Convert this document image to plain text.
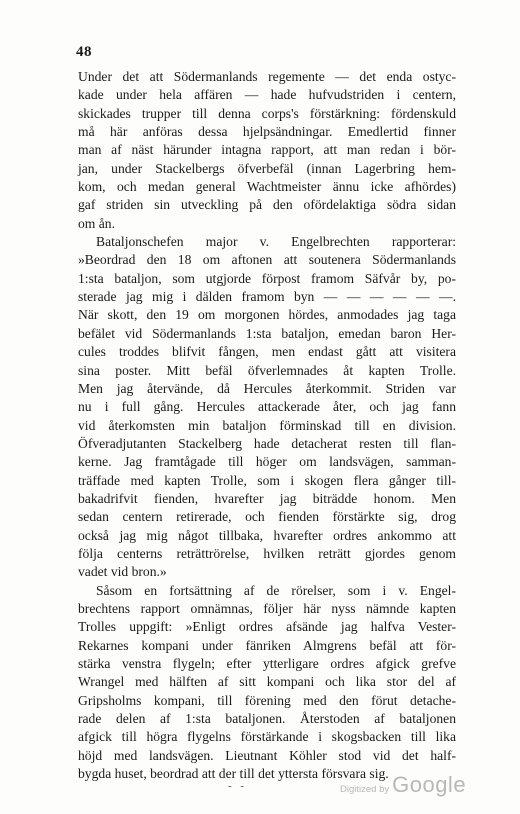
48
Under det att Södermanlands regemente — det enda ostyc-
kade under hela affären — hade hufvudstriden i centern,
skickades trupper till denna corps's förstärkning: fördenskuld
må här anföras dessa hjelpsändningar. Emedlertid finner
man af näst härunder intagna rapport, att man redan i bör-
jan, under Stackelbergs öfverbefäl (innan Lagerbring hem-
kom, och medan general Wachtmeister ännu icke afhördes)
gaf striden sin utveckling på den ofördelaktiga södra sidan
om ån.
Bataljonschefen major v. Engelbrechten rapporterar:
»Beordrad den 18 om aftonen att soutenera Södermanlands
1:sta bataljon, som utgjorde förpost framom Säfvår by, po-
sterade jag mig i dälden framom byn — — — — — —.
När skott, den 19 om morgonen hördes, anmodades jag taga
befälet vid Södermanlands 1:sta bataljon, emedan baron Her-
cules troddes blifvit fången, men endast gått att visitera
sina poster. Mitt befäl öfverlemnades åt kapten Trolle.
Men jag återvände, då Hercules återkommit. Striden var
nu i full gång. Hercules attackerade åter, och jag fann
vid återkomsten min bataljon förminskad till en division.
Öfveradjutanten Stackelberg hade detacherat resten till flan-
kerne. Jag framtågade till höger om landsvägen, samman-
träffade med kapten Trolle, som i skogen flera gånger till-
bakadrifvit fienden, hvarefter jag biträdde honom. Men
sedan centern retirerade, och fienden förstärkte sig, drog
också jag mig något tillbaka, hvarefter ordres ankommo att
följa centerns reträttrörelse, hvilken reträtt gjordes genom
vadet vid bron.»
Såsom en fortsättning af de rörelser, som i v. Engel-
brechtens rapport omnämnas, följer här nyss nämnde kapten
Trolles uppgift: »Enligt ordres afsände jag halfva Vester-
Rekarnes kompani under fänriken Almgrens befäl att för-
stärka venstra flygeln; efter ytterligare ordres afgick grefve
Wrangel med hälften af sitt kompani och lika stor del af
Gripsholms kompani, till förening med den förut detache-
rade delen af 1:sta bataljonen. Återstoden af bataljonen
afgick till högra flygelns förstärkande i skogsbacken till lika
höjd med landsvägen. Lieutnant Köhler stod vid det half-
bygda huset, beordrad att der till det yttersta försvara sig.
- -	Digitized by Google
